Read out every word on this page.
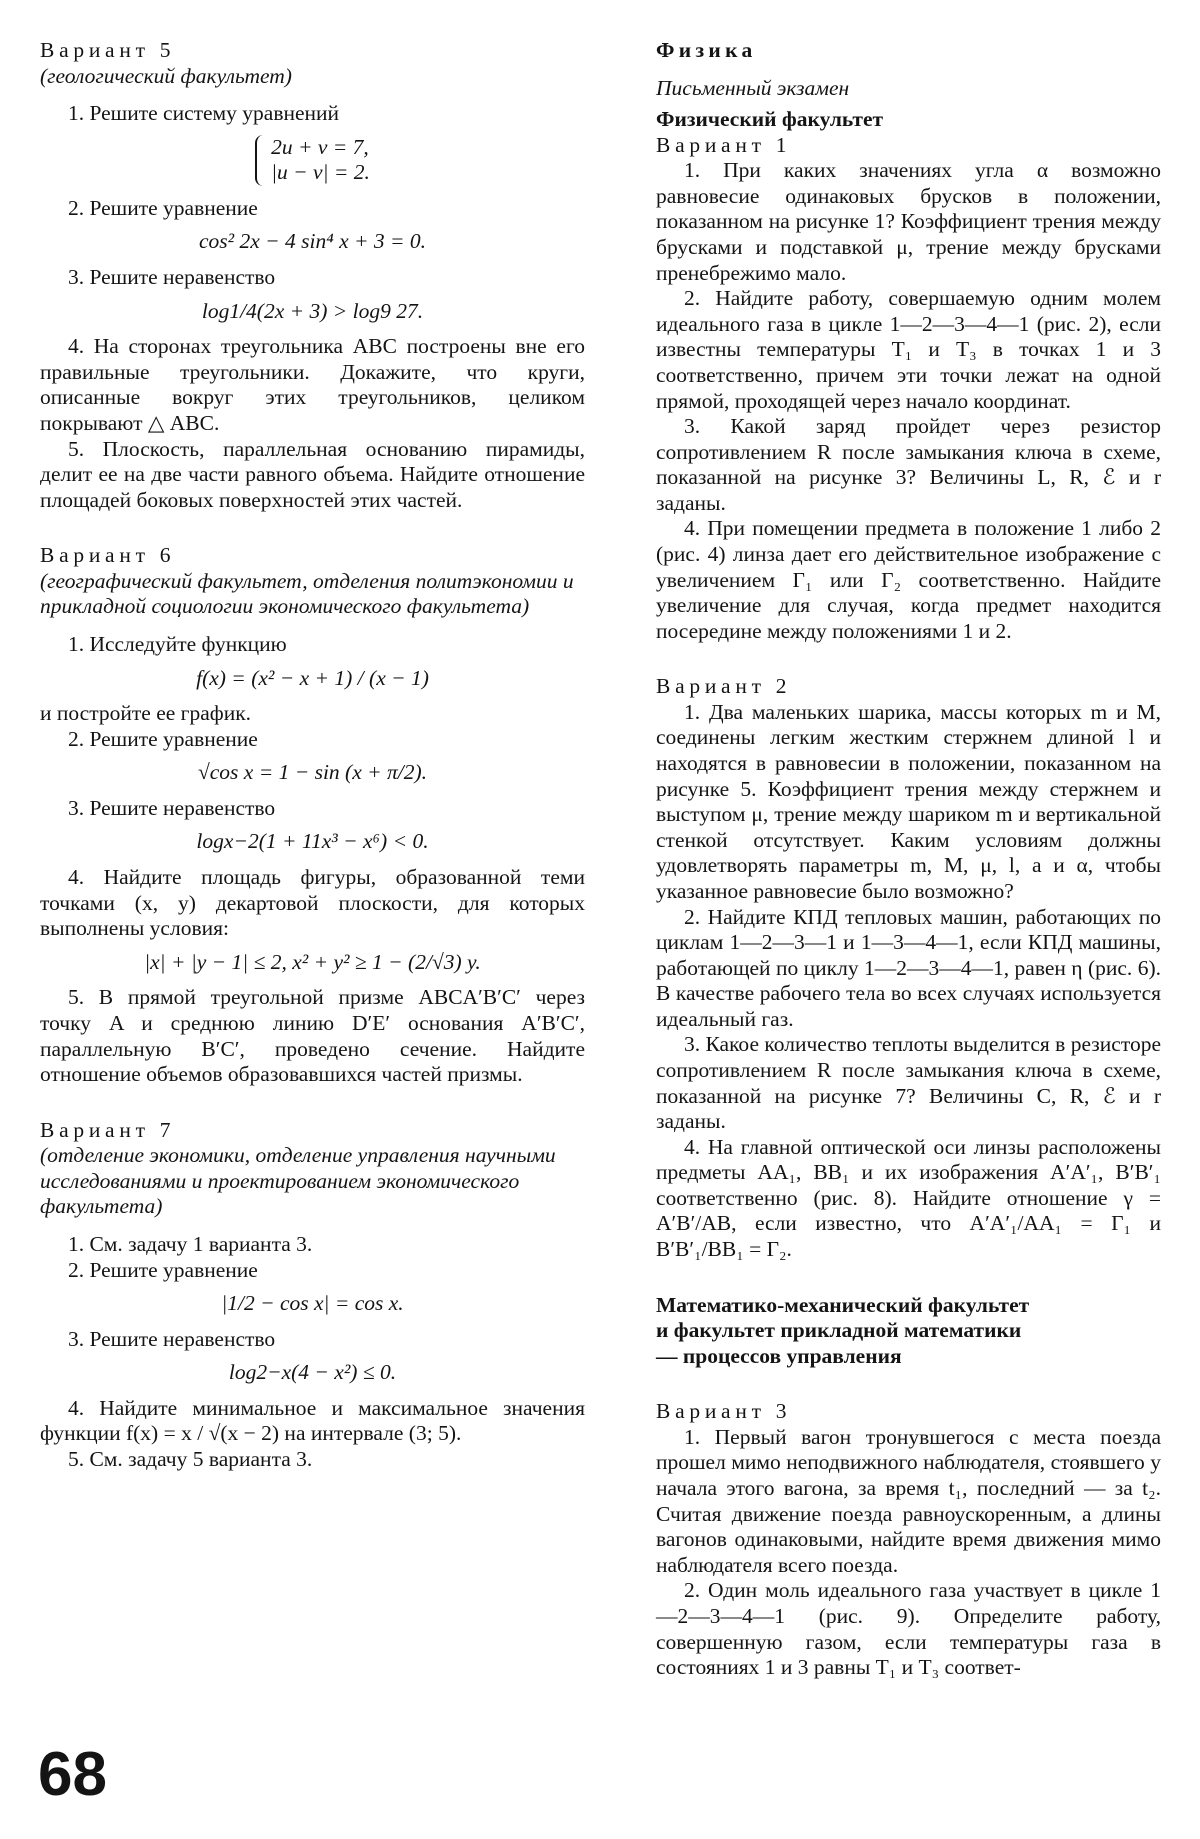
Вариант 5

(геологический факультет)

1. Решите систему уравнений

2u + v = 7,
|u − v| = 2.

2. Решите уравнение

cos² 2x − 4 sin⁴ x + 3 = 0.

3. Решите неравенство

log1/4(2x + 3) > log9 27.

4. На сторонах треугольника ABC построены вне его правильные треугольники. Докажите, что круги, описанные вокруг этих треугольников, целиком покрывают △ ABC.

5. Плоскость, параллельная основанию пирамиды, делит ее на две части равного объема. Найдите отношение площадей боковых поверхностей этих частей.

Вариант 6

(географический факультет, отделения политэкономии и прикладной социологии экономического факультета)

1. Исследуйте функцию

f(x) = (x² − x + 1) / (x − 1)

и постройте ее график.

2. Решите уравнение

√cos x = 1 − sin (x + π/2).

3. Решите неравенство

logx−2(1 + 11x³ − x⁶) < 0.

4. Найдите площадь фигуры, образованной теми точками (x, y) декартовой плоскости, для которых выполнены условия:

|x| + |y − 1| ≤ 2, x² + y² ≥ 1 − (2/√3) y.

5. В прямой треугольной призме ABCA′B′C′ через точку A и среднюю линию D′E′ основания A′B′C′, параллельную B′C′, проведено сечение. Найдите отношение объемов образовавшихся частей призмы.

Вариант 7

(отделение экономики, отделение управления научными исследованиями и проектированием экономического факультета)

1. См. задачу 1 варианта 3.

2. Решите уравнение

|1/2 − cos x| = cos x.

3. Решите неравенство

log2−x(4 − x²) ≤ 0.

4. Найдите минимальное и максимальное значения функции f(x) = x / √(x − 2) на интервале (3; 5).

5. См. задачу 5 варианта 3.

Физика

Письменный экзамен

Физический факультет

Вариант 1

1. При каких значениях угла α возможно равновесие одинаковых брусков в положении, показанном на рисунке 1? Коэффициент трения между брусками и подставкой μ, трение между брусками пренебрежимо мало.

2. Найдите работу, совершаемую одним молем идеального газа в цикле 1—2—3—4—1 (рис. 2), если известны температуры T₁ и T₃ в точках 1 и 3 соответственно, причем эти точки лежат на одной прямой, проходящей через начало координат.

3. Какой заряд пройдет через резистор сопротивлением R после замыкания ключа в схеме, показанной на рисунке 3? Величины L, R, ℰ и r заданы.

4. При помещении предмета в положение 1 либо 2 (рис. 4) линза дает его действительное изображение с увеличением Γ₁ или Γ₂ соответственно. Найдите увеличение для случая, когда предмет находится посередине между положениями 1 и 2.

Вариант 2

1. Два маленьких шарика, массы которых m и M, соединены легким жестким стержнем длиной l и находятся в равновесии в положении, показанном на рисунке 5. Коэффициент трения между стержнем и выступом μ, трение между шариком m и вертикальной стенкой отсутствует. Каким условиям должны удовлетворять параметры m, M, μ, l, a и α, чтобы указанное равновесие было возможно?

2. Найдите КПД тепловых машин, работающих по циклам 1—2—3—1 и 1—3—4—1, если КПД машины, работающей по циклу 1—2—3—4—1, равен η (рис. 6). В качестве рабочего тела во всех случаях используется идеальный газ.

3. Какое количество теплоты выделится в резисторе сопротивлением R после замыкания ключа в схеме, показанной на рисунке 7? Величины C, R, ℰ и r заданы.

4. На главной оптической оси линзы расположены предметы AA₁, BB₁ и их изображения A′A′₁, B′B′₁ соответственно (рис. 8). Найдите отношение γ = A′B′/AB, если известно, что A′A′₁/AA₁ = Γ₁ и B′B′₁/BB₁ = Γ₂.

Математико-механический факультет

и факультет прикладной математики

— процессов управления

Вариант 3

1. Первый вагон тронувшегося с места поезда прошел мимо неподвижного наблюдателя, стоявшего у начала этого вагона, за время t₁, последний — за t₂. Считая движение поезда равноускоренным, а длины вагонов одинаковыми, найдите время движения мимо наблюдателя всего поезда.

2. Один моль идеального газа участвует в цикле 1—2—3—4—1 (рис. 9). Определите работу, совершенную газом, если температуры газа в состояниях 1 и 3 равны T₁ и T₃ соответ-

68
